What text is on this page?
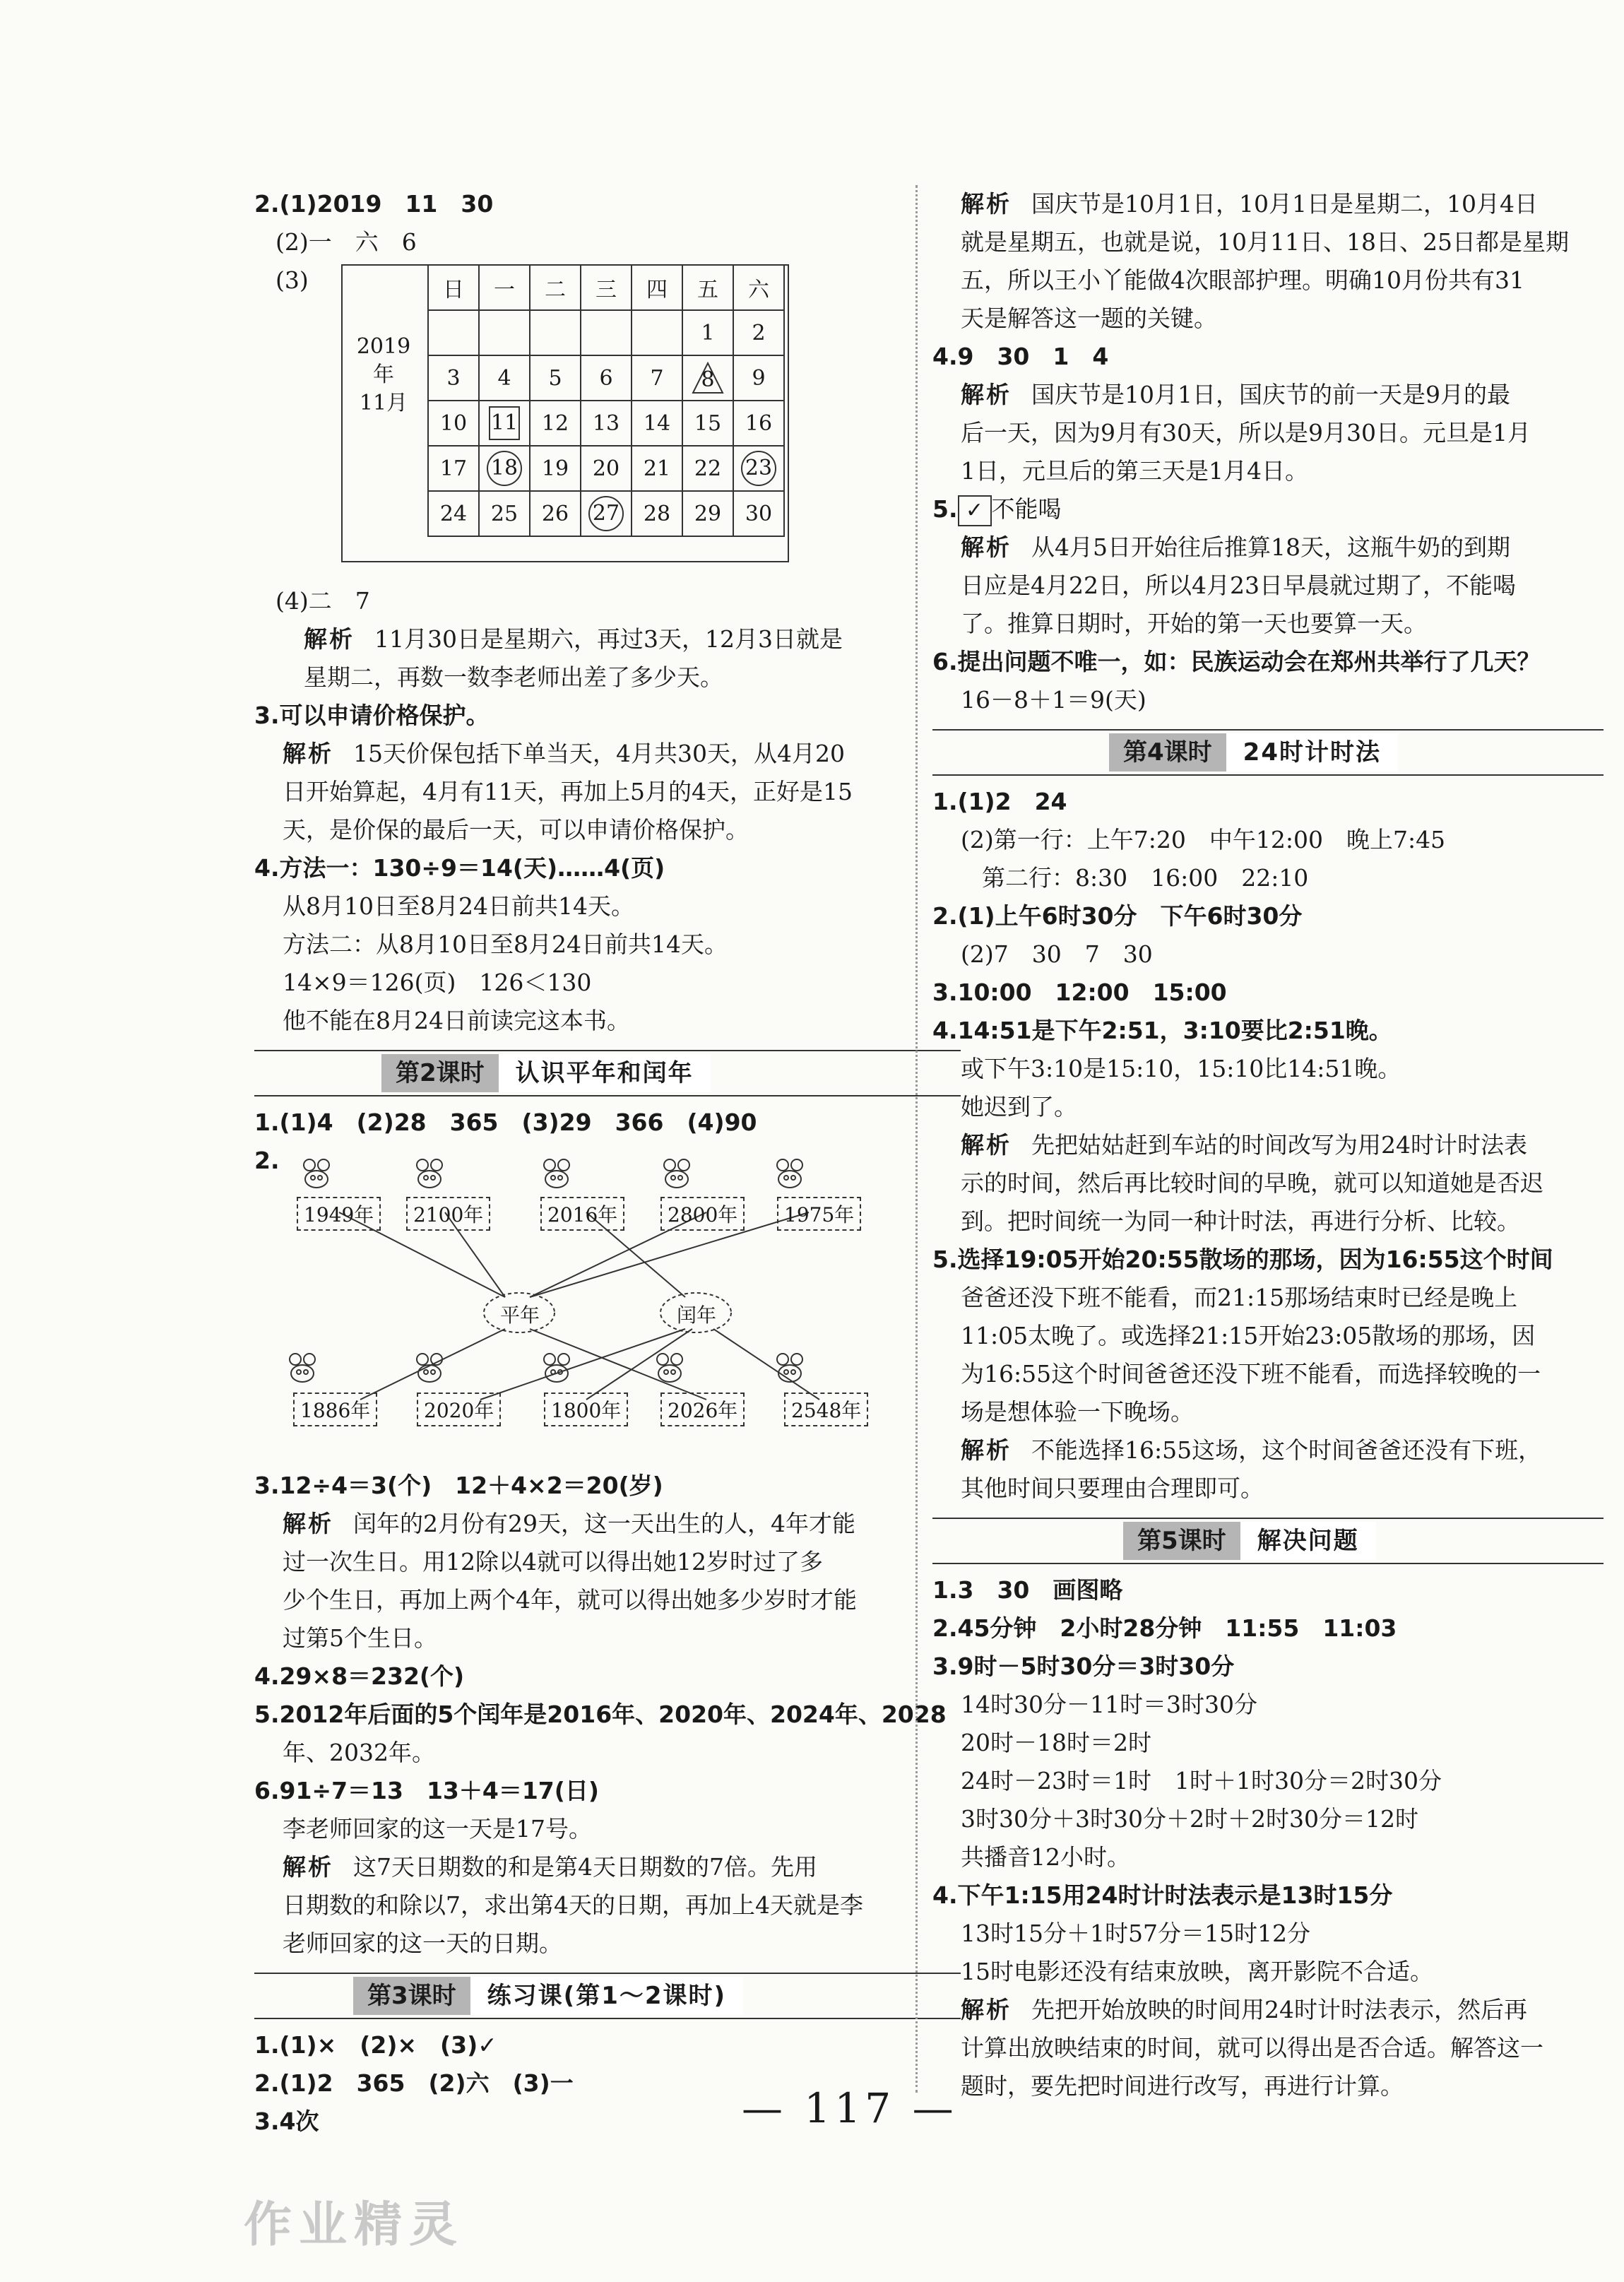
2.(1)2019　11　30
(2)一　六　6
(3)
2019年
11月
日	一	二	三	四	五	六
					1	2
3	4	5	6	7	8	9
10	11	12	13	14	15	16
17	18	19	20	21	22	23
24	25	26	27	28	29	30
(4)二　7
解析 11月30日是星期六，再过3天，12月3日就是
星期二，再数一数李老师出差了多少天。
3.可以申请价格保护。
解析 15天价保包括下单当天，4月共30天，从4月20
日开始算起，4月有11天，再加上5月的4天，正好是15
天，是价保的最后一天，可以申请价格保护。
4.方法一：130÷9＝14(天)……4(页)
从8月10日至8月24日前共14天。
方法二：从8月10日至8月24日前共14天。
14×9＝126(页)　126＜130
他不能在8月24日前读完这本书。
第2课时	认识平年和闰年
1.(1)4　(2)28　365　(3)29　366　(4)90
2.
1949年	2100年	2016年	2800年	1975年
平年	闰年
1886年	2020年	1800年	2026年	2548年
3.12÷4＝3(个)　12＋4×2＝20(岁)
解析 闰年的2月份有29天，这一天出生的人，4年才能
过一次生日。用12除以4就可以得出她12岁时过了多
少个生日，再加上两个4年，就可以得出她多少岁时才能
过第5个生日。
4.29×8＝232(个)
5.2012年后面的5个闰年是2016年、2020年、2024年、2028
年、2032年。
6.91÷7＝13　13＋4＝17(日)
李老师回家的这一天是17号。
解析 这7天日期数的和是第4天日期数的7倍。先用
日期数的和除以7，求出第4天的日期，再加上4天就是李
老师回家的这一天的日期。
第3课时	练习课(第1～2课时)
1.(1)×　(2)×　(3)✓
2.(1)2　365　(2)六　(3)一
3.4次
解析 国庆节是10月1日，10月1日是星期二，10月4日
就是星期五，也就是说，10月11日、18日、25日都是星期
五，所以王小丫能做4次眼部护理。明确10月份共有31
天是解答这一题的关键。
4.9　30　1　4
解析 国庆节是10月1日，国庆节的前一天是9月的最
后一天，因为9月有30天，所以是9月30日。元旦是1月
1日，元旦后的第三天是1月4日。
5. ✓ 不能喝
解析 从4月5日开始往后推算18天，这瓶牛奶的到期
日应是4月22日，所以4月23日早晨就过期了，不能喝
了。推算日期时，开始的第一天也要算一天。
6.提出问题不唯一，如：民族运动会在郑州共举行了几天？
16－8＋1＝9(天)
第4课时	24时计时法
1.(1)2　24
(2)第一行：上午7:20　中午12:00　晚上7:45
第二行：8:30　16:00　22:10
2.(1)上午6时30分　下午6时30分
(2)7　30　7　30
3.10:00　12:00　15:00
4.14:51是下午2:51，3:10要比2:51晚。
或下午3:10是15:10，15:10比14:51晚。
她迟到了。
解析 先把姑姑赶到车站的时间改写为用24时计时法表
示的时间，然后再比较时间的早晚，就可以知道她是否迟
到。把时间统一为同一种计时法，再进行分析、比较。
5.选择19:05开始20:55散场的那场，因为16:55这个时间
爸爸还没下班不能看，而21:15那场结束时已经是晚上
11:05太晚了。或选择21:15开始23:05散场的那场，因
为16:55这个时间爸爸还没下班不能看，而选择较晚的一
场是想体验一下晚场。
解析 不能选择16:55这场，这个时间爸爸还没有下班，
其他时间只要理由合理即可。
第5课时	解决问题
1.3　30　画图略
2.45分钟　2小时28分钟　11:55　11:03
3.9时－5时30分＝3时30分
14时30分－11时＝3时30分
20时－18时＝2时
24时－23时＝1时　1时＋1时30分＝2时30分
3时30分＋3时30分＋2时＋2时30分＝12时
共播音12小时。
4.下午1:15用24时计时法表示是13时15分
13时15分＋1时57分＝15时12分
15时电影还没有结束放映，离开影院不合适。
解析 先把开始放映的时间用24时计时法表示，然后再
计算出放映结束的时间，就可以得出是否合适。解答这一
题时，要先把时间进行改写，再进行计算。
— 117 —
作业精灵
